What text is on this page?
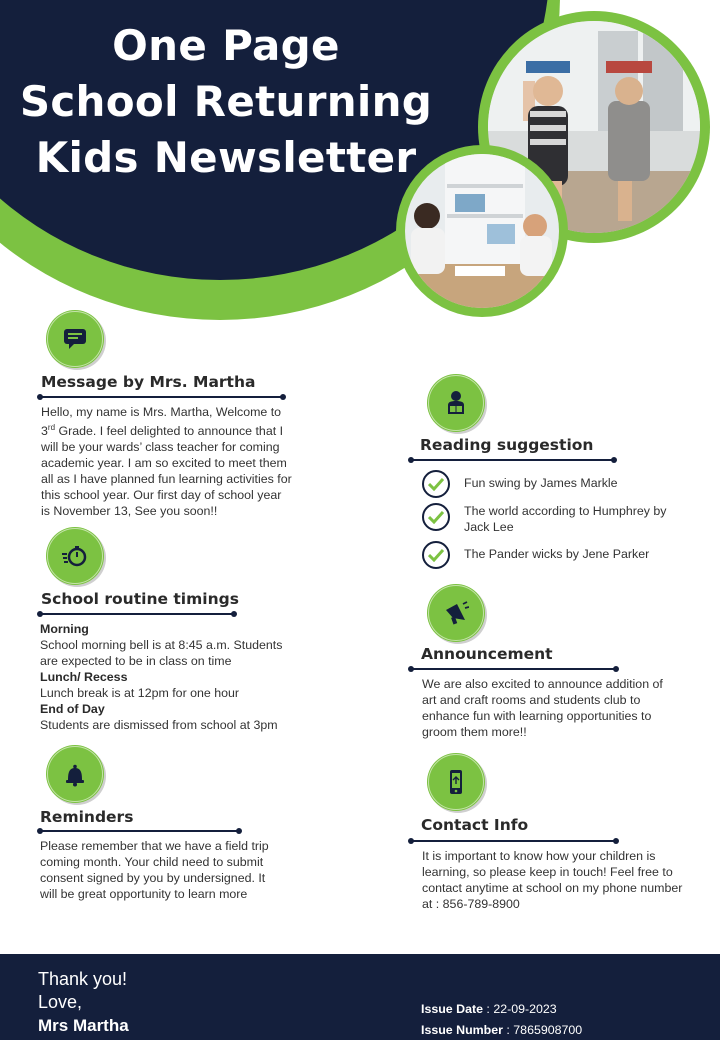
One Page
School Returning
Kids Newsletter
Message by Mrs. Martha
Hello, my name is Mrs. Martha, Welcome to
3rd Grade. I feel delighted to announce that I
will be your wards’ class teacher for coming
academic year. I am so excited to meet them
all as I have planned fun learning activities for
this school year. Our first day of school year
is November 13, See you soon!!
School routine timings
Morning
School morning bell is at 8:45 a.m. Students
are expected to be in class on time
Lunch/ Recess
Lunch break is at 12pm for one hour
End of Day
Students are dismissed from school at 3pm
Reminders
Please remember that we have a field trip
coming month. Your child need to submit
consent signed by you by undersigned. It
will be great opportunity to learn more
Reading suggestion
Fun swing by James Markle
The world according to Humphrey by Jack Lee
The Pander wicks by Jene Parker
Announcement
We are also excited to announce addition of
art and craft rooms and students club to
enhance fun with learning opportunities to
groom them more!!
Contact Info
It is important to know how your children is
learning, so please keep in touch! Feel free to
contact anytime at school on my phone number
at : 856-789-8900
Thank you!
Love,
Mrs Martha
Issue Date : 22-09-2023
Issue Number : 7865908700
